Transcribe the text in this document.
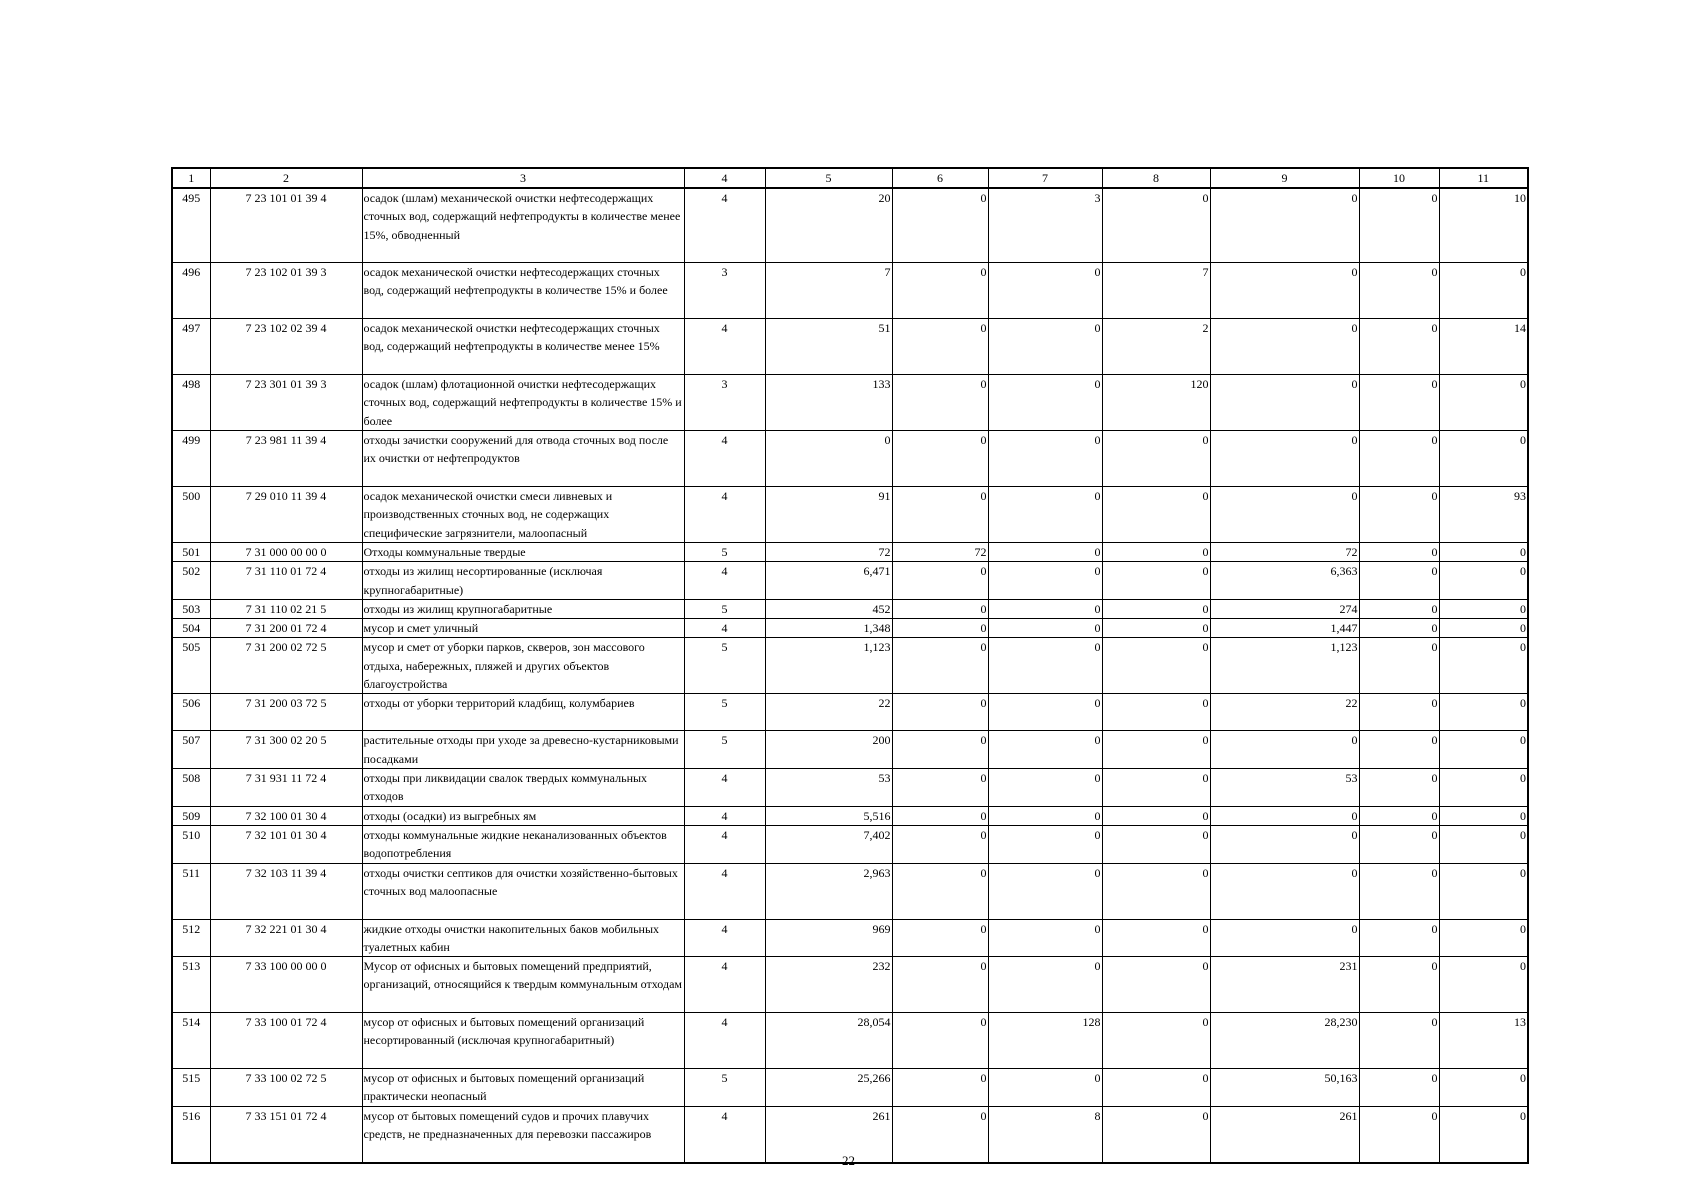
1	2	3	4	5	6	7	8	9	10	11
495	7 23 101 01 39 4	осадок (шлам) механической очистки нефтесодержащих сточных вод, содержащий нефтепродукты в количестве менее 15%, обводненный	4	20	0	3	0	0	0	10
496	7 23 102 01 39 3	осадок механической очистки нефтесодержащих сточных вод, содержащий нефтепродукты в количестве 15% и более	3	7	0	0	7	0	0	0
497	7 23 102 02 39 4	осадок механической очистки нефтесодержащих сточных вод, содержащий нефтепродукты в количестве менее 15%	4	51	0	0	2	0	0	14
498	7 23 301 01 39 3	осадок (шлам) флотационной очистки нефтесодержащих сточных вод, содержащий нефтепродукты в количестве 15% и более	3	133	0	0	120	0	0	0
499	7 23 981 11 39 4	отходы зачистки сооружений для отвода сточных вод после их очистки от нефтепродуктов	4	0	0	0	0	0	0	0
500	7 29 010 11 39 4	осадок механической очистки смеси ливневых и производственных сточных вод, не содержащих специфические загрязнители, малоопасный	4	91	0	0	0	0	0	93
501	7 31 000 00 00 0	Отходы коммунальные твердые	5	72	72	0	0	72	0	0
502	7 31 110 01 72 4	отходы из жилищ несортированные (исключая крупногабаритные)	4	6,471	0	0	0	6,363	0	0
503	7 31 110 02 21 5	отходы из жилищ крупногабаритные	5	452	0	0	0	274	0	0
504	7 31 200 01 72 4	мусор и смет уличный	4	1,348	0	0	0	1,447	0	0
505	7 31 200 02 72 5	мусор и смет от уборки парков, скверов, зон массового отдыха, набережных, пляжей и других объектов благоустройства	5	1,123	0	0	0	1,123	0	0
506	7 31 200 03 72 5	отходы от уборки территорий кладбищ, колумбариев	5	22	0	0	0	22	0	0
507	7 31 300 02 20 5	растительные отходы при уходе за древесно-кустарниковыми посадками	5	200	0	0	0	0	0	0
508	7 31 931 11 72 4	отходы при ликвидации свалок твердых коммунальных отходов	4	53	0	0	0	53	0	0
509	7 32 100 01 30 4	отходы (осадки) из выгребных ям	4	5,516	0	0	0	0	0	0
510	7 32 101 01 30 4	отходы коммунальные жидкие неканализованных объектов водопотребления	4	7,402	0	0	0	0	0	0
511	7 32 103 11 39 4	отходы очистки септиков для очистки хозяйственно-бытовых сточных вод малоопасные	4	2,963	0	0	0	0	0	0
512	7 32 221 01 30 4	жидкие отходы очистки накопительных баков мобильных туалетных кабин	4	969	0	0	0	0	0	0
513	7 33 100 00 00 0	Мусор от офисных и бытовых помещений предприятий, организаций, относящийся к твердым коммунальным отходам	4	232	0	0	0	231	0	0
514	7 33 100 01 72 4	мусор от офисных и бытовых помещений организаций несортированный (исключая крупногабаритный)	4	28,054	0	128	0	28,230	0	13
515	7 33 100 02 72 5	мусор от офисных и бытовых помещений организаций практически неопасный	5	25,266	0	0	0	50,163	0	0
516	7 33 151 01 72 4	мусор от бытовых помещений судов и прочих плавучих средств, не предназначенных для перевозки пассажиров	4	261	0	8	0	261	0	0
22
